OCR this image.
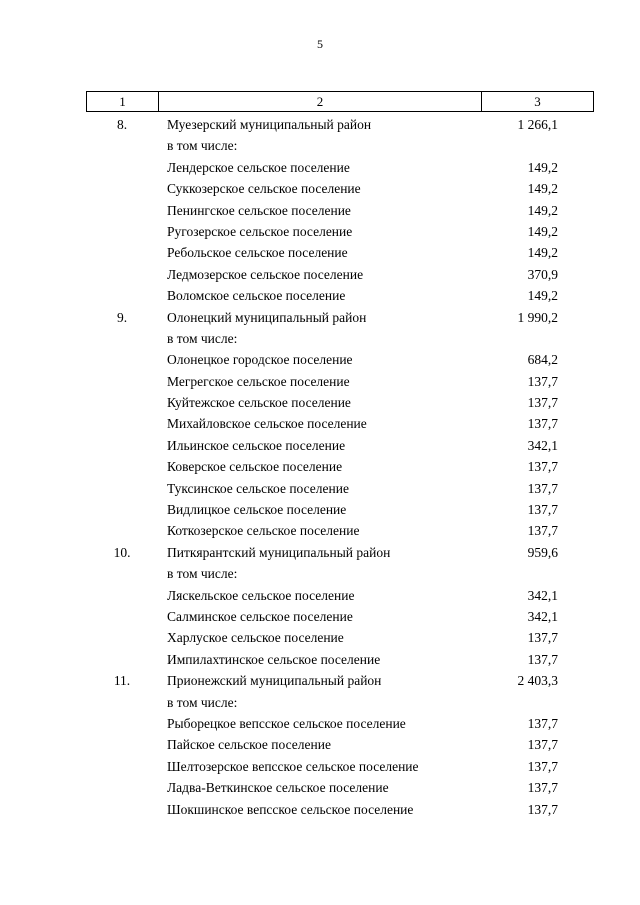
5
1	2	3
8.	Муезерский муниципальный район	1 266,1
в том числе:
Лендерское сельское поселение	149,2
Суккозерское сельское поселение	149,2
Пенингское сельское поселение	149,2
Ругозерское сельское поселение	149,2
Ребольское сельское поселение	149,2
Ледмозерское сельское поселение	370,9
Воломское сельское поселение	149,2
9.	Олонецкий муниципальный район	1 990,2
в том числе:
Олонецкое городское поселение	684,2
Мегрегское сельское поселение	137,7
Куйтежское сельское поселение	137,7
Михайловское сельское поселение	137,7
Ильинское сельское поселение	342,1
Коверское сельское поселение	137,7
Туксинское сельское поселение	137,7
Видлицкое сельское поселение	137,7
Коткозерское сельское поселение	137,7
10.	Питкярантский муниципальный район	959,6
в том числе:
Ляскельское сельское поселение	342,1
Салминское сельское поселение	342,1
Харлуское сельское поселение	137,7
Импилахтинское сельское поселение	137,7
11.	Прионежский муниципальный район	2 403,3
в том числе:
Рыборецкое вепсское сельское поселение	137,7
Пайское сельское поселение	137,7
Шелтозерское вепсское сельское поселение	137,7
Ладва-Веткинское сельское поселение	137,7
Шокшинское вепсское сельское поселение	137,7
